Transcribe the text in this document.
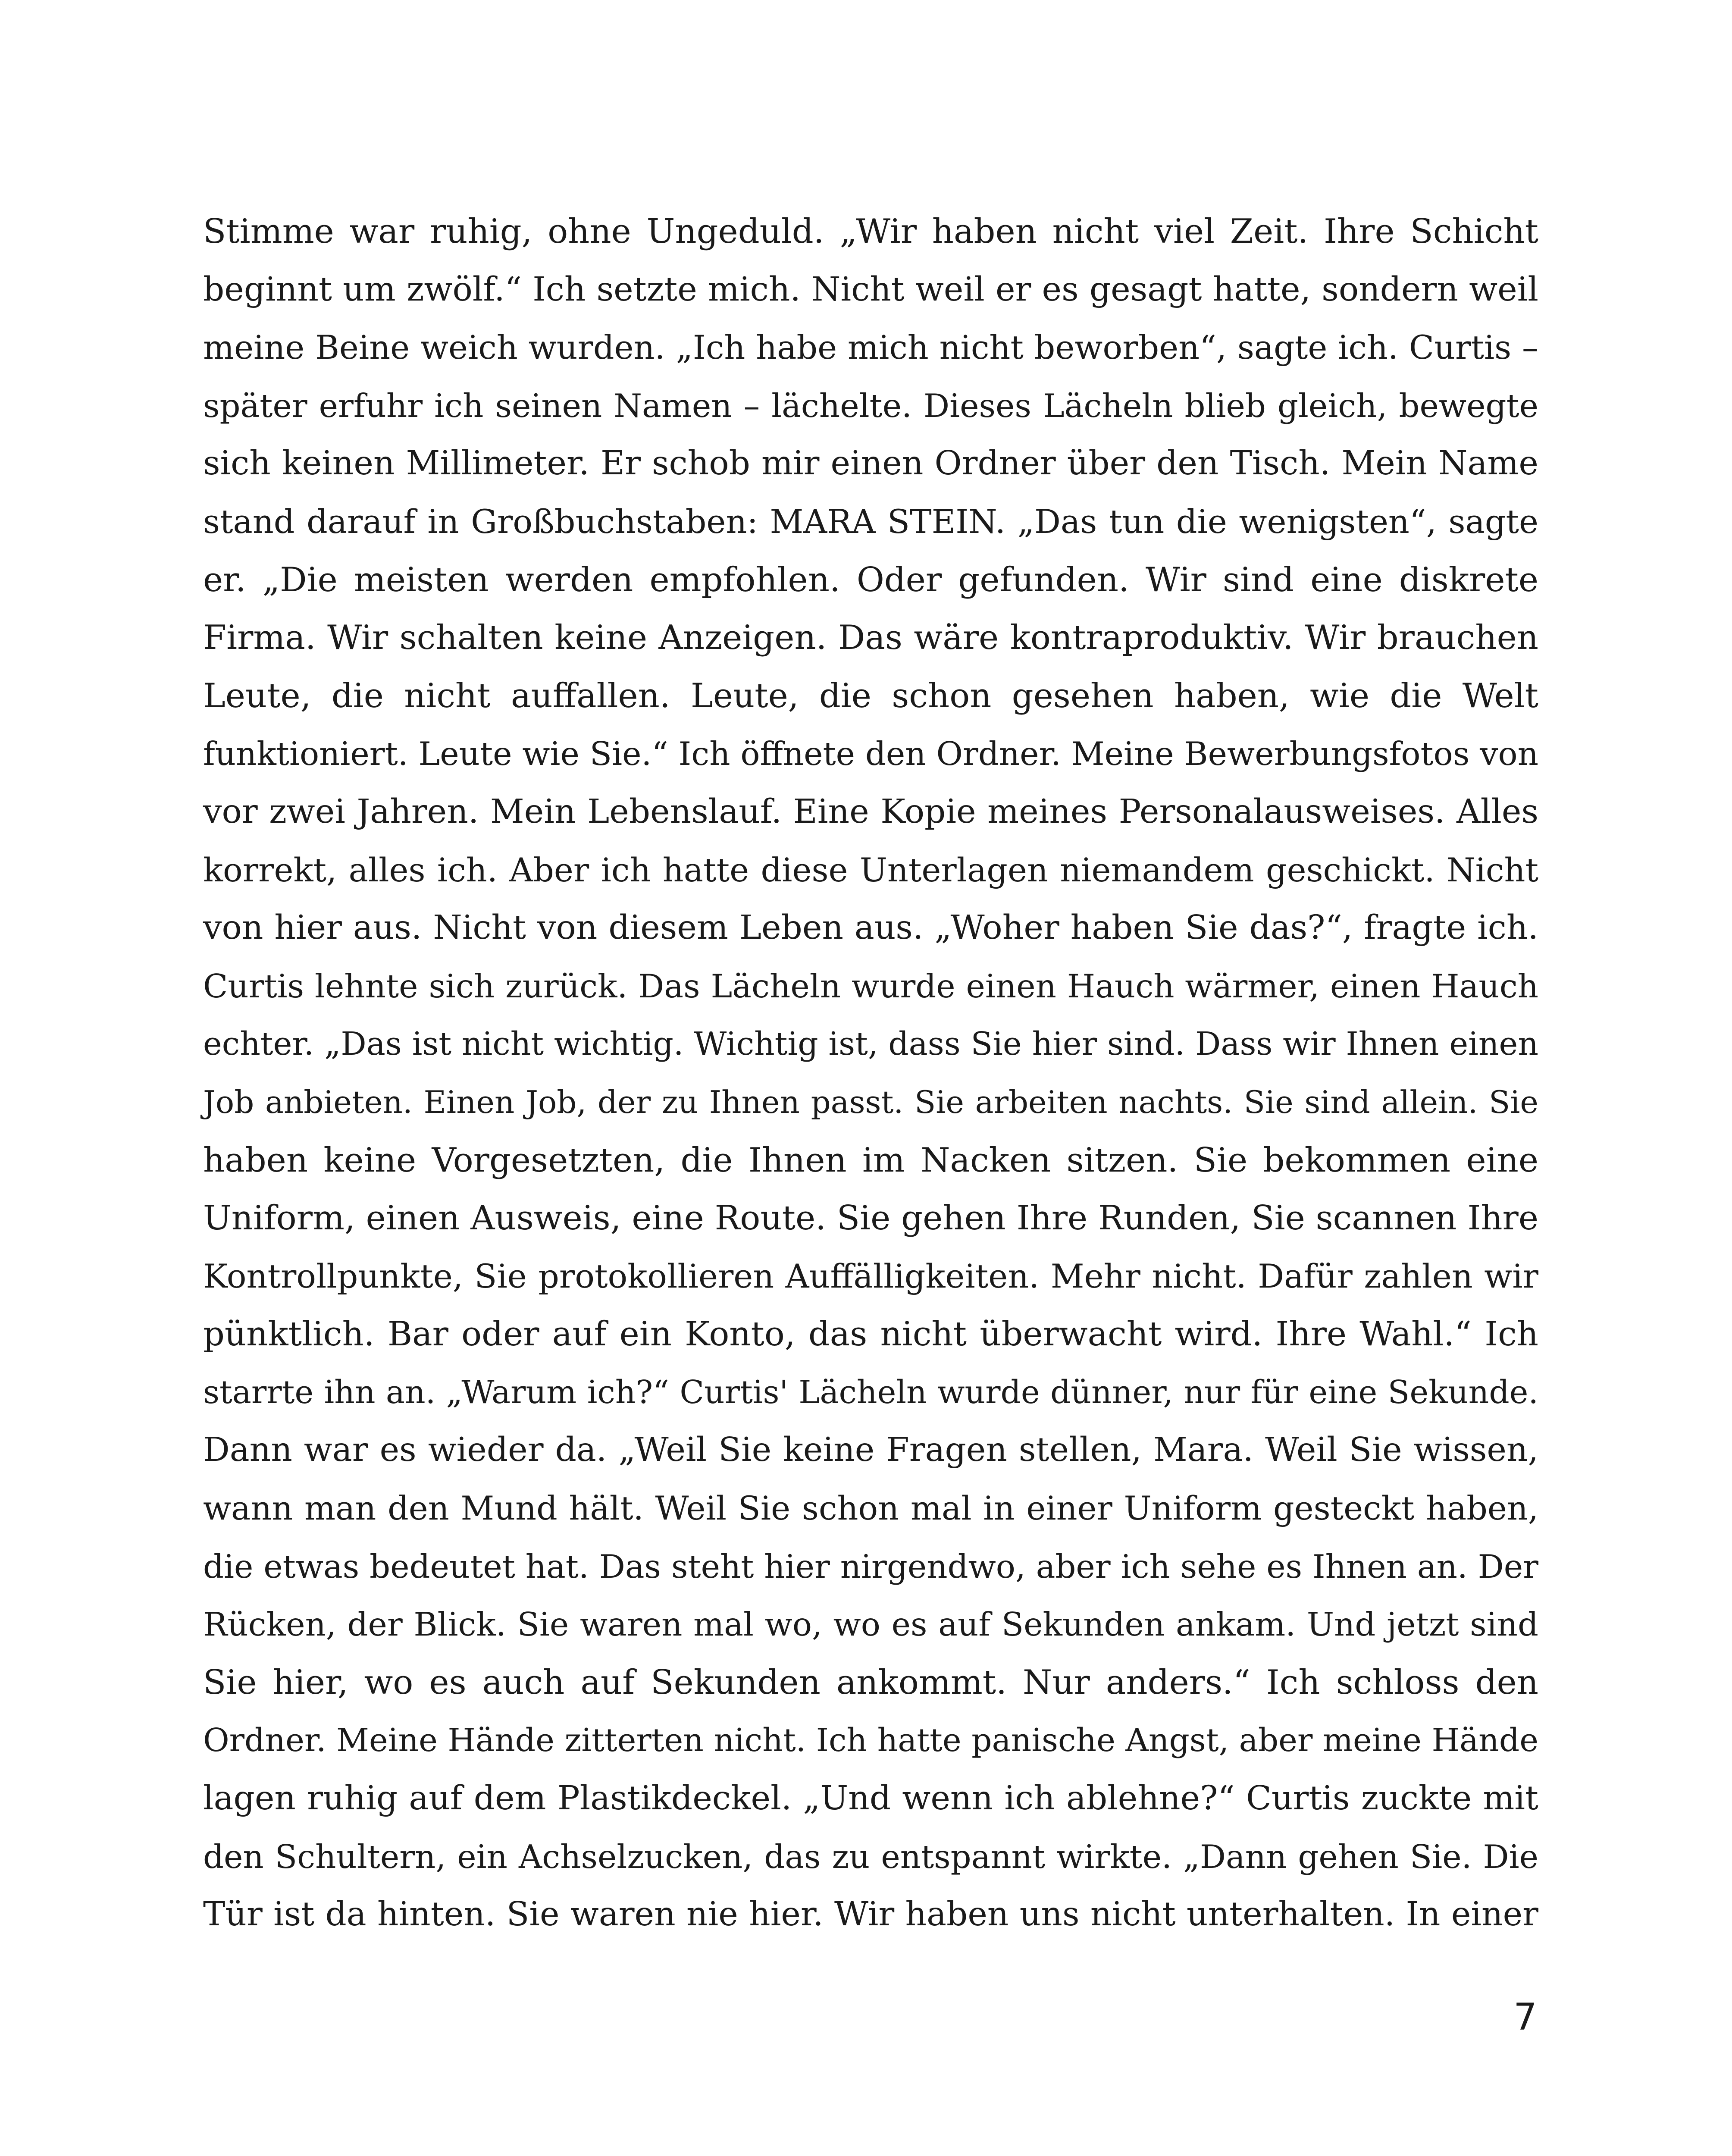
Stimme war ruhig, ohne Ungeduld. „Wir haben nicht viel Zeit. Ihre Schicht
beginnt um zwölf.“ Ich setzte mich. Nicht weil er es gesagt hatte, sondern weil
meine Beine weich wurden. „Ich habe mich nicht beworben“, sagte ich. Curtis –
später erfuhr ich seinen Namen – lächelte. Dieses Lächeln blieb gleich, bewegte
sich keinen Millimeter. Er schob mir einen Ordner über den Tisch. Mein Name
stand darauf in Großbuchstaben: MARA STEIN. „Das tun die wenigsten“, sagte
er. „Die meisten werden empfohlen. Oder gefunden. Wir sind eine diskrete
Firma. Wir schalten keine Anzeigen. Das wäre kontraproduktiv. Wir brauchen
Leute, die nicht auffallen. Leute, die schon gesehen haben, wie die Welt
funktioniert. Leute wie Sie.“ Ich öffnete den Ordner. Meine Bewerbungsfotos von
vor zwei Jahren. Mein Lebenslauf. Eine Kopie meines Personalausweises. Alles
korrekt, alles ich. Aber ich hatte diese Unterlagen niemandem geschickt. Nicht
von hier aus. Nicht von diesem Leben aus. „Woher haben Sie das?“, fragte ich.
Curtis lehnte sich zurück. Das Lächeln wurde einen Hauch wärmer, einen Hauch
echter. „Das ist nicht wichtig. Wichtig ist, dass Sie hier sind. Dass wir Ihnen einen
Job anbieten. Einen Job, der zu Ihnen passt. Sie arbeiten nachts. Sie sind allein. Sie
haben keine Vorgesetzten, die Ihnen im Nacken sitzen. Sie bekommen eine
Uniform, einen Ausweis, eine Route. Sie gehen Ihre Runden, Sie scannen Ihre
Kontrollpunkte, Sie protokollieren Auffälligkeiten. Mehr nicht. Dafür zahlen wir
pünktlich. Bar oder auf ein Konto, das nicht überwacht wird. Ihre Wahl.“ Ich
starrte ihn an. „Warum ich?“ Curtis' Lächeln wurde dünner, nur für eine Sekunde.
Dann war es wieder da. „Weil Sie keine Fragen stellen, Mara. Weil Sie wissen,
wann man den Mund hält. Weil Sie schon mal in einer Uniform gesteckt haben,
die etwas bedeutet hat. Das steht hier nirgendwo, aber ich sehe es Ihnen an. Der
Rücken, der Blick. Sie waren mal wo, wo es auf Sekunden ankam. Und jetzt sind
Sie hier, wo es auch auf Sekunden ankommt. Nur anders.“ Ich schloss den
Ordner. Meine Hände zitterten nicht. Ich hatte panische Angst, aber meine Hände
lagen ruhig auf dem Plastikdeckel. „Und wenn ich ablehne?“ Curtis zuckte mit
den Schultern, ein Achselzucken, das zu entspannt wirkte. „Dann gehen Sie. Die
Tür ist da hinten. Sie waren nie hier. Wir haben uns nicht unterhalten. In einer
7
